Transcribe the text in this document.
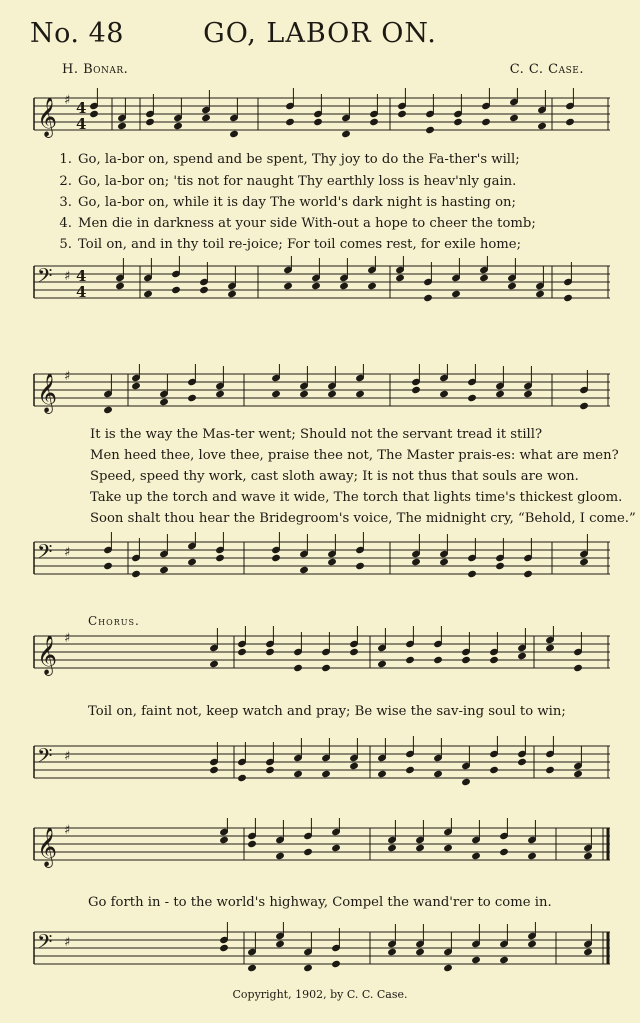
No. 48	GO, LABOR ON.
H. Bonar.	C. C. Case.
𝄞 ♯ 4
4
1. Go, la-bor on, spend and be spent, Thy joy to do the Fa-ther's will;
2. Go, la-bor on; 'tis not for naught Thy earthly loss is heav'nly gain.
3. Go, la-bor on, while it is day The world's dark night is hasting on;
4. Men die in darkness at your side With-out a hope to cheer the tomb;
5. Toil on, and in thy toil re-joice; For toil comes rest, for exile home;
𝄢 ♯ 4
4
𝄞 ♯
It is the way the Mas-ter went; Should not the servant tread it still?
Men heed thee, love thee, praise thee not, The Master prais-es: what are men?
Speed, speed thy work, cast sloth away; It is not thus that souls are won.
Take up the torch and wave it wide, The torch that lights time's thickest gloom.
Soon shalt thou hear the Bridegroom's voice, The midnight cry, “Behold, I come.”
𝄢 ♯
Chorus.
𝄞 ♯
Toil on, faint not, keep watch and pray; Be wise the sav-ing soul to win;
𝄢 ♯
𝄞 ♯
Go forth in - to the world's highway, Compel the wand'rer to come in.
𝄢 ♯
Copyright, 1902, by C. C. Case.
